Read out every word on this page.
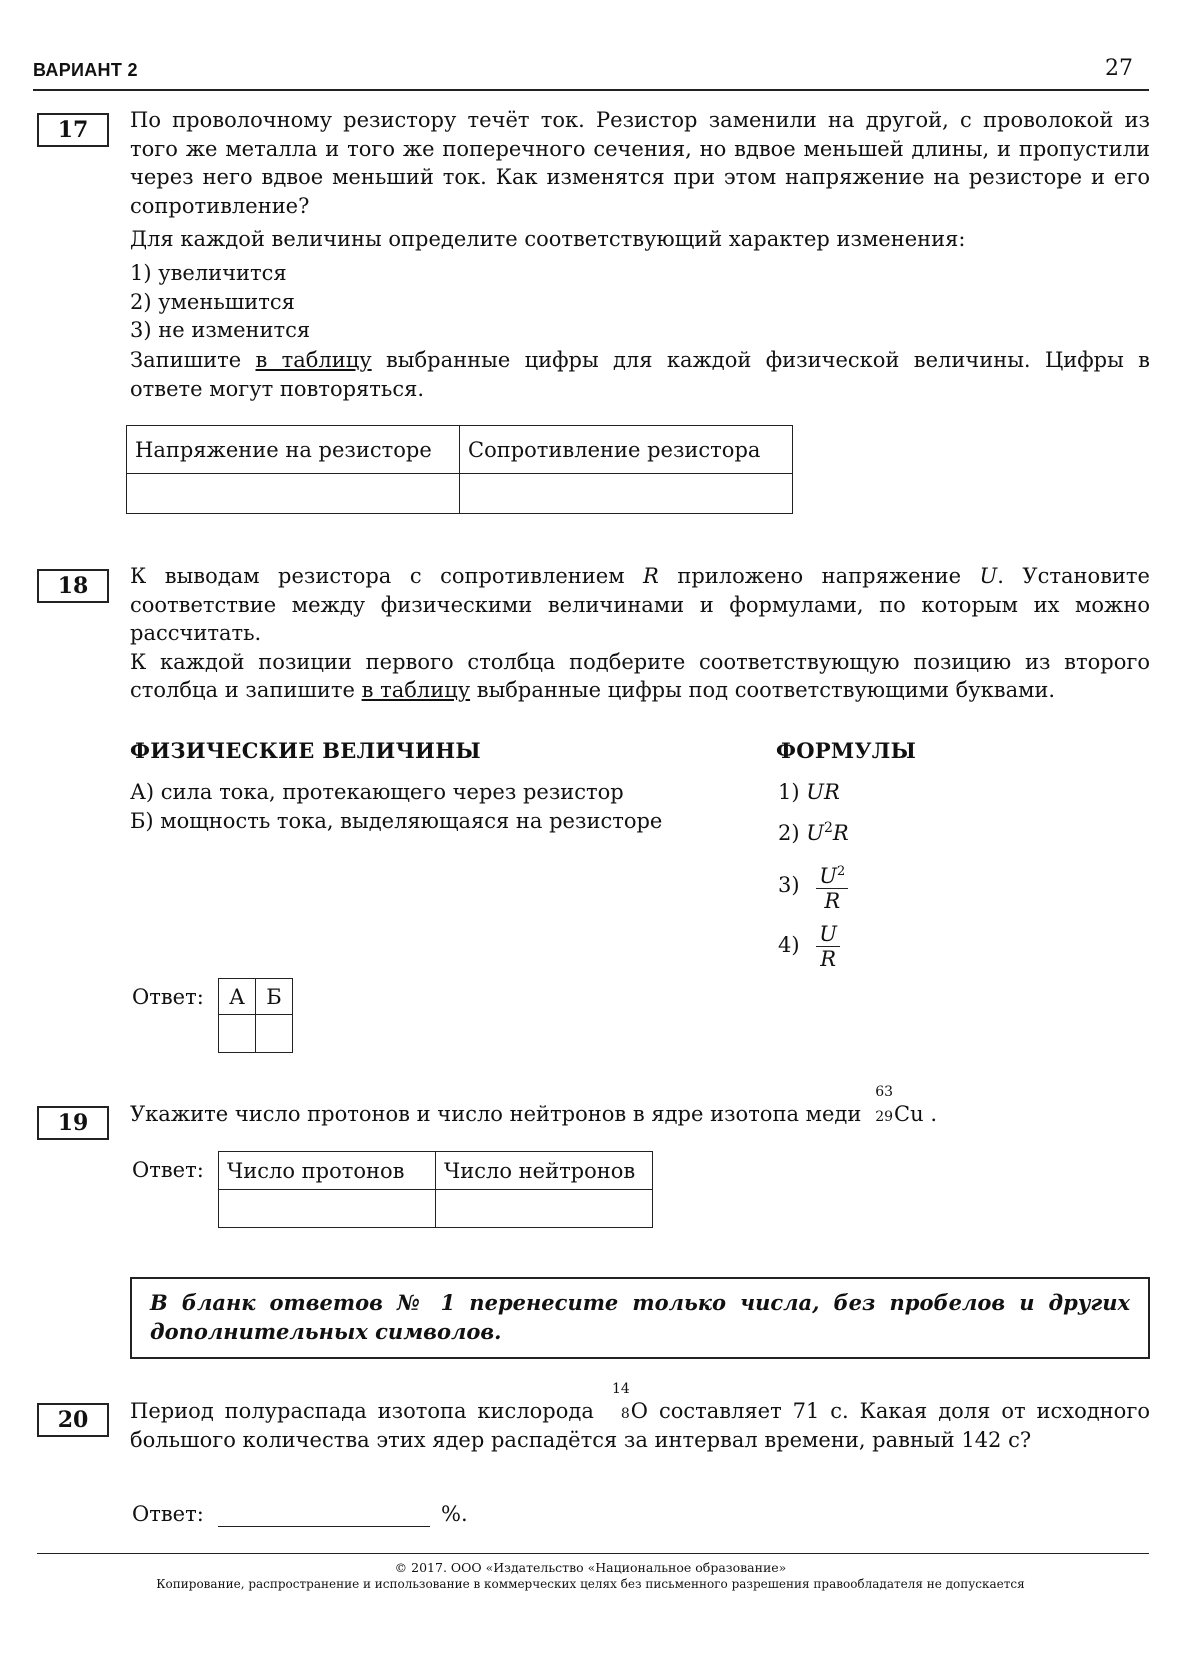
ВАРИАНТ 2	27
17	По проволочному резистору течёт ток. Резистор заменили на другой, с проволокой из того же металла и того же поперечного сечения, но вдвое меньшей длины, и пропустили через него вдвое меньший ток. Как изменятся при этом напряжение на резисторе и его сопротивление?

Для каждой величины определите соответствующий характер изменения:

1) увеличится
2) уменьшится
3) не изменится
Запишите в таблицу выбранные цифры для каждой физической величины. Цифры в ответе могут повторяться.
Напряжение на резисторе	Сопротивление резистора

18	К выводам резистора с сопротивлением R приложено напряжение U. Установите соответствие между физическими величинами и формулами, по которым их можно рассчитать.

К каждой позиции первого столбца подберите соответствующую позицию из второго столбца и запишите в таблицу выбранные цифры под соответствующими буквами.

ФИЗИЧЕСКИЕ ВЕЛИЧИНЫ	ФОРМУЛЫ
А) сила тока, протекающего через резистор
Б) мощность тока, выделяющаяся на резисторе
1) UR
2) $U^2R$
$3) \frac{U^2}{R}$
$4) \frac{U}{R}$
Ответ: А	Б

19	Укажите число протонов и число нейтронов в ядре изотопа меди
63
29 Cu .
Ответ: Число протонов	Число нейтронов

В бланк ответов № 1 перенесите только числа, без пробелов и других дополнительных символов.
20	Период полураспада изотопа кислорода
14
8 O составляет 71 с. Какая доля от исходного большого количества этих ядер распадётся за интервал времени, равный 142 с?
Ответ:	%.
© 2017. ООО «Издательство «Национальное образование»
Копирование, распространение и использование в коммерческих целях без письменного разрешения правообладателя не допускается
